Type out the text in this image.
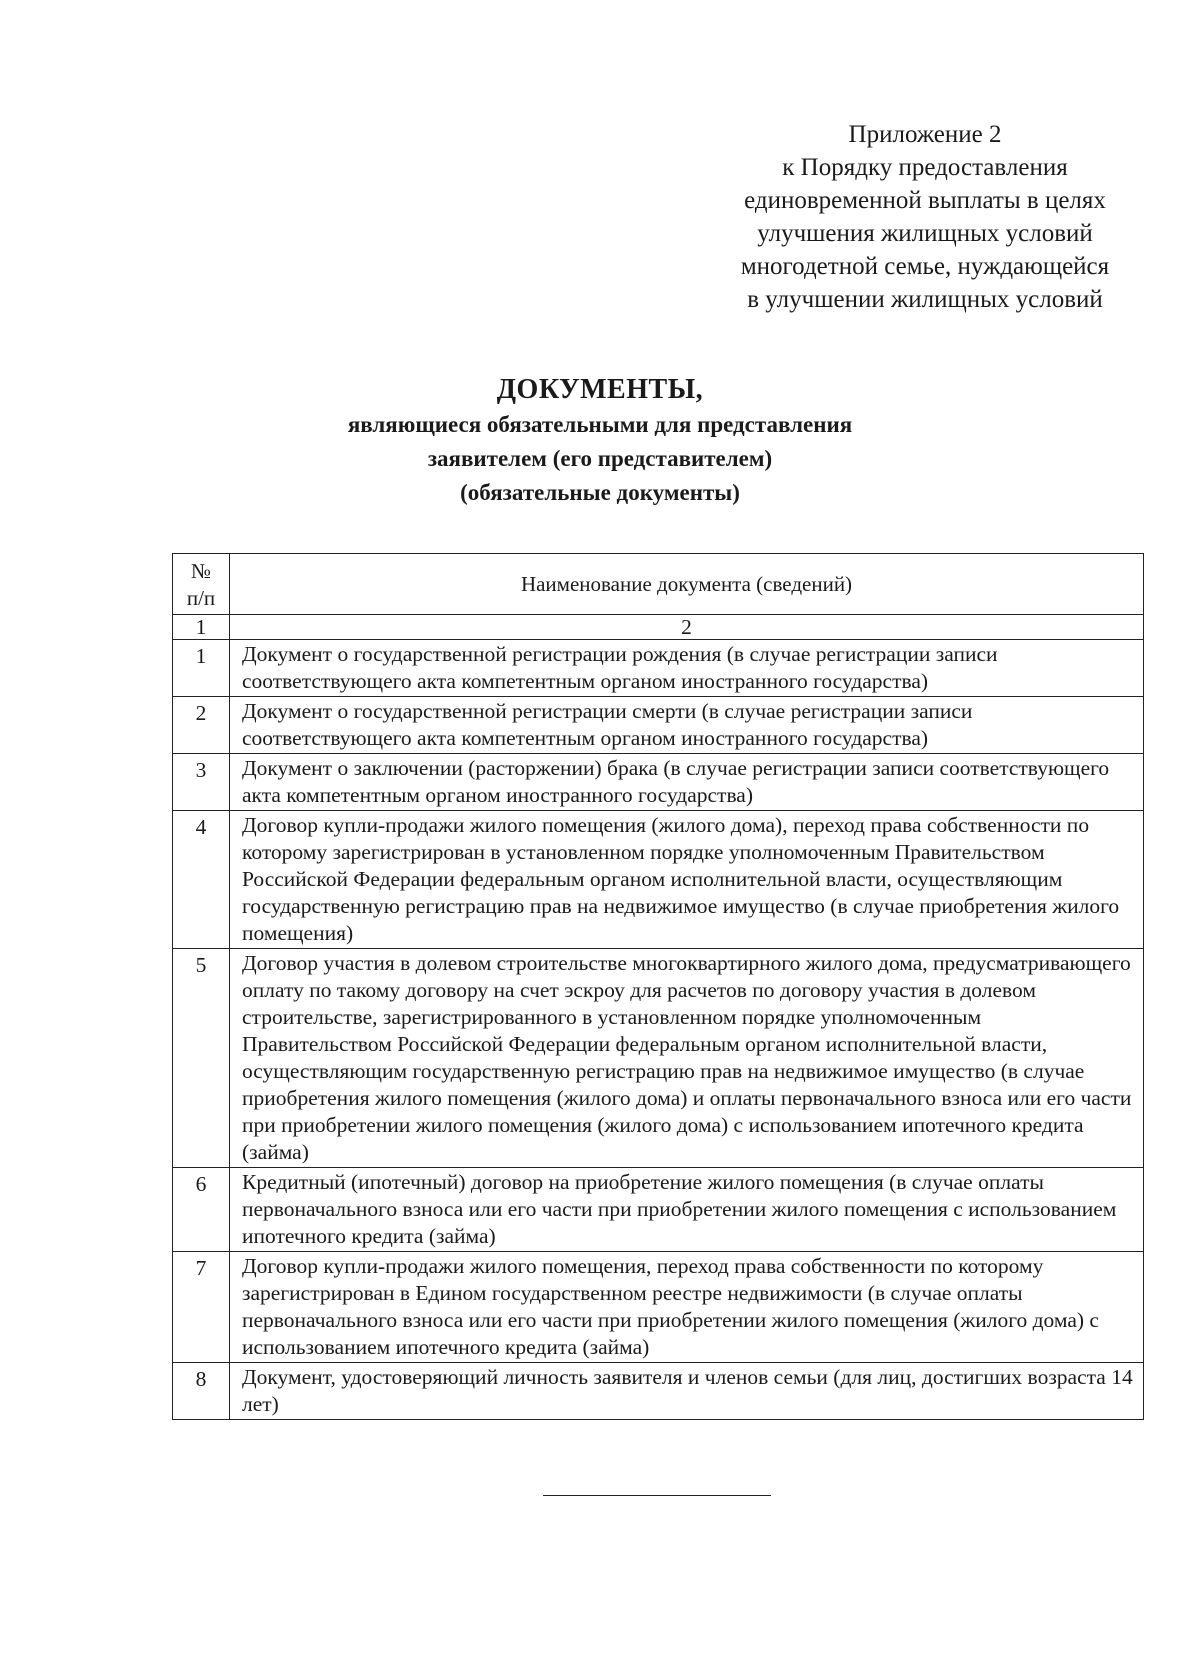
Приложение 2
к Порядку предоставления
единовременной выплаты в целях
улучшения жилищных условий
многодетной семье, нуждающейся
в улучшении жилищных условий
ДОКУМЕНТЫ,
являющиеся обязательными для представления
заявителем (его представителем)
(обязательные документы)
№
п/п	Наименование документа (сведений)
1	2
1	Документ о государственной регистрации рождения (в случае регистрации записи соответствующего акта компетентным органом иностранного государства)
2	Документ о государственной регистрации смерти (в случае регистрации записи соответствующего акта компетентным органом иностранного государства)
3	Документ о заключении (расторжении) брака (в случае регистрации записи соответствующего акта компетентным органом иностранного государства)
4	Договор купли-продажи жилого помещения (жилого дома), переход права собственности по которому зарегистрирован в установленном порядке уполномоченным Правительством Российской Федерации федеральным органом исполнительной власти, осуществляющим государственную регистрацию прав на недвижимое имущество (в случае приобретения жилого помещения)
5	Договор участия в долевом строительстве многоквартирного жилого дома, предусматривающего оплату по такому договору на счет эскроу для расчетов по договору участия в долевом строительстве, зарегистрированного в установленном порядке уполномоченным Правительством Российской Федерации федеральным органом исполнительной власти, осуществляющим государственную регистрацию прав на недвижимое имущество (в случае приобретения жилого помещения (жилого дома) и оплаты первоначального взноса или его части при приобретении жилого помещения (жилого дома) с использованием ипотечного кредита (займа)
6	Кредитный (ипотечный) договор на приобретение жилого помещения (в случае оплаты первоначального взноса или его части при приобретении жилого помещения с использованием ипотечного кредита (займа)
7	Договор купли-продажи жилого помещения, переход права собственности по которому зарегистрирован в Едином государственном реестре недвижимости (в случае оплаты первоначального взноса или его части при приобретении жилого помещения (жилого дома) с использованием ипотечного кредита (займа)
8	Документ, удостоверяющий личность заявителя и членов семьи (для лиц, достигших возраста 14 лет)
